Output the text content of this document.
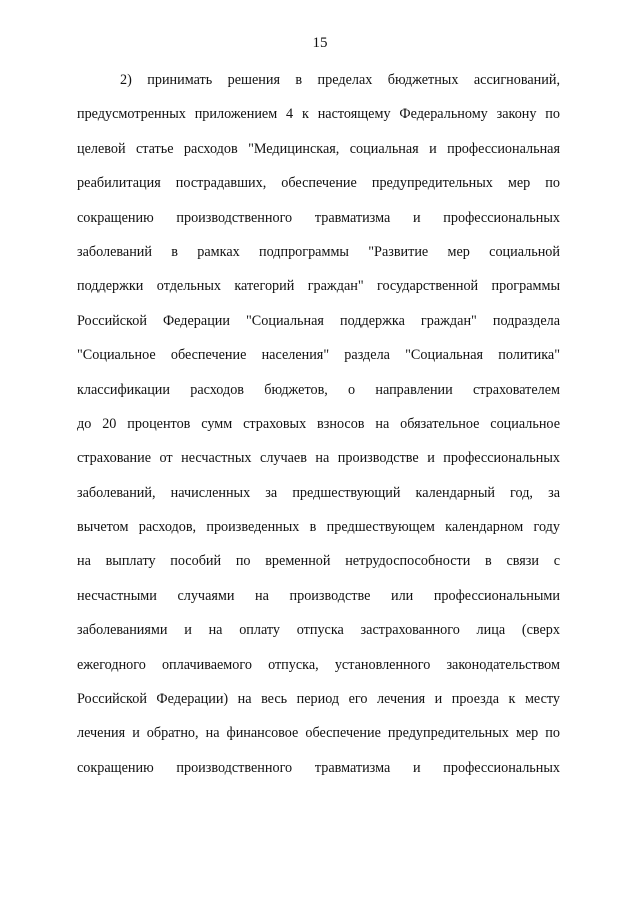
15
2) принимать решения в пределах бюджетных ассигнований,
предусмотренных приложением 4 к настоящему Федеральному закону по
целевой статье расходов "Медицинская, социальная и профессиональная
реабилитация пострадавших, обеспечение предупредительных мер по
сокращению производственного травматизма и профессиональных
заболеваний в рамках подпрограммы "Развитие мер социальной
поддержки отдельных категорий граждан" государственной программы
Российской Федерации "Социальная поддержка граждан" подраздела
"Социальное обеспечение населения" раздела "Социальная политика"
классификации расходов бюджетов, о направлении страхователем
до 20 процентов сумм страховых взносов на обязательное социальное
страхование от несчастных случаев на производстве и профессиональных
заболеваний, начисленных за предшествующий календарный год, за
вычетом расходов, произведенных в предшествующем календарном году
на выплату пособий по временной нетрудоспособности в связи с
несчастными случаями на производстве или профессиональными
заболеваниями и на оплату отпуска застрахованного лица (сверх
ежегодного оплачиваемого отпуска, установленного законодательством
Российской Федерации) на весь период его лечения и проезда к месту
лечения и обратно, на финансовое обеспечение предупредительных мер по
сокращению производственного травматизма и профессиональных
